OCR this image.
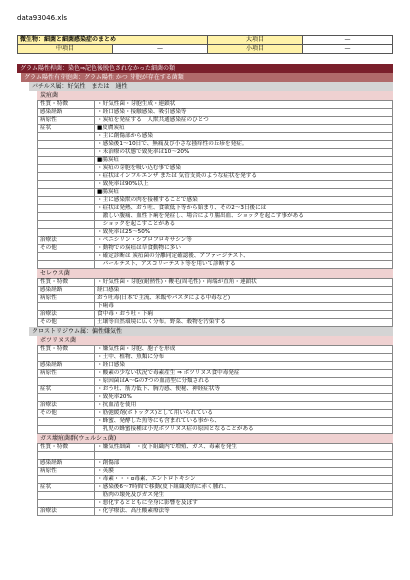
data93046.xls
微生物：細菌と細菌感染症のまとめ		大項目	—
中項目	—	小項目	—
グラム陽性桿菌：染色⇒記色後脱色されなかった細菌の類
グラム陽性有芽胞菌：グラム陽性 かつ 芽胞が存在する菌類
バチルス属：好気性　または　通性
炭疽菌
性質・特徴	・好気性菌・芽胞生成・連鎖状
感染経路	・経口感染・接触感染、吸引感染等
病原性	・炭疽を発症する　人獣共通感染症のひとつ
症状	■皮膚炭疽
	・主に創傷部から感染
	・感染後1〜10日で、無痛及び小さな掻痒性の丘疹を発症。
	・未治療の状態で致死率は10〜20%
	■腸炭疽
	・炭疽の芽胞を吸い込む事で感染
	・症状はインフルエンザ または 気管支炎のような症状を発する
	・致死率は90%以上
	■腸炭疽
	・主に感染獣の肉を接種することで感染
	・症状は発熱、おう吐、食欲低下等から始まり、その2〜3日後には
	　激しい腹痛、血性下痢を発症し、場合により腸出血、ショックを起こす事がある
	　ショックを起こすことがある
	・致死率は25〜50%
治療法	・ペニシリン・シプロフロキサシン等
その他	・動物での炭疽は草食動物に多い
	・確定診断は 炭疽菌の分離同定確認後、アファージテスト、
	　パールテスト、アスコリーテスト等を用いて診断する
セレウス菌
性質・特徴	・好気性菌・芽胞(耐熱性)・鞭毛(周毛性)・両端が直角・連鎖状
感染経路	経口感染
病原性	おう吐毒(日本で主流、米飯やパスタによる中毒など)
	下痢毒
治療法	食中毒・おう吐・下痢
その他	土壌等自然環境に広く分布。野菜、穀物を汚染する
クロストリジウム属：偏性嫌気性
ボツリヌス菌
性質・特徴	・嫌気性菌・芽胞、胞子を形成
	・土中、植物、魚類に分布
感染経路	・経口感染
病原性	・酸素の少ない状況で毒素産生 ⇒ ボツリヌス食中毒発症
	・原因菌はA〜Gの7つの血清型に分類される
症状	・おう吐、筋力低下、胸力感、便秘、神経症状等
	・致死率20%
治療法	・抗血清を使用
その他	・筋弛緩剤(ボトックス)として用いられている
	・蜂蜜、発酵した魚等にも含まれている事から、
	　乳児の蜂蜜接種は小児ボツリヌス症の原因となることがある
ガス壊疽菌群(ウェルシュ菌)
性質・特徴	・嫌気性細菌　・皮下組織内で増殖、ガス、毒素を発生

感染経路	・創傷部
病原性	・英膜
	・毒素・・・α毒素、エントロトキシン
症状	・感染後6〜7時間で移動(皮下組織炎的に赤く腫れ、
	　筋肉の壊死及びガス発生
	・悪化するとともに全身に影響を及ぼす
治療法	・化学療法、高圧酸素療法等
